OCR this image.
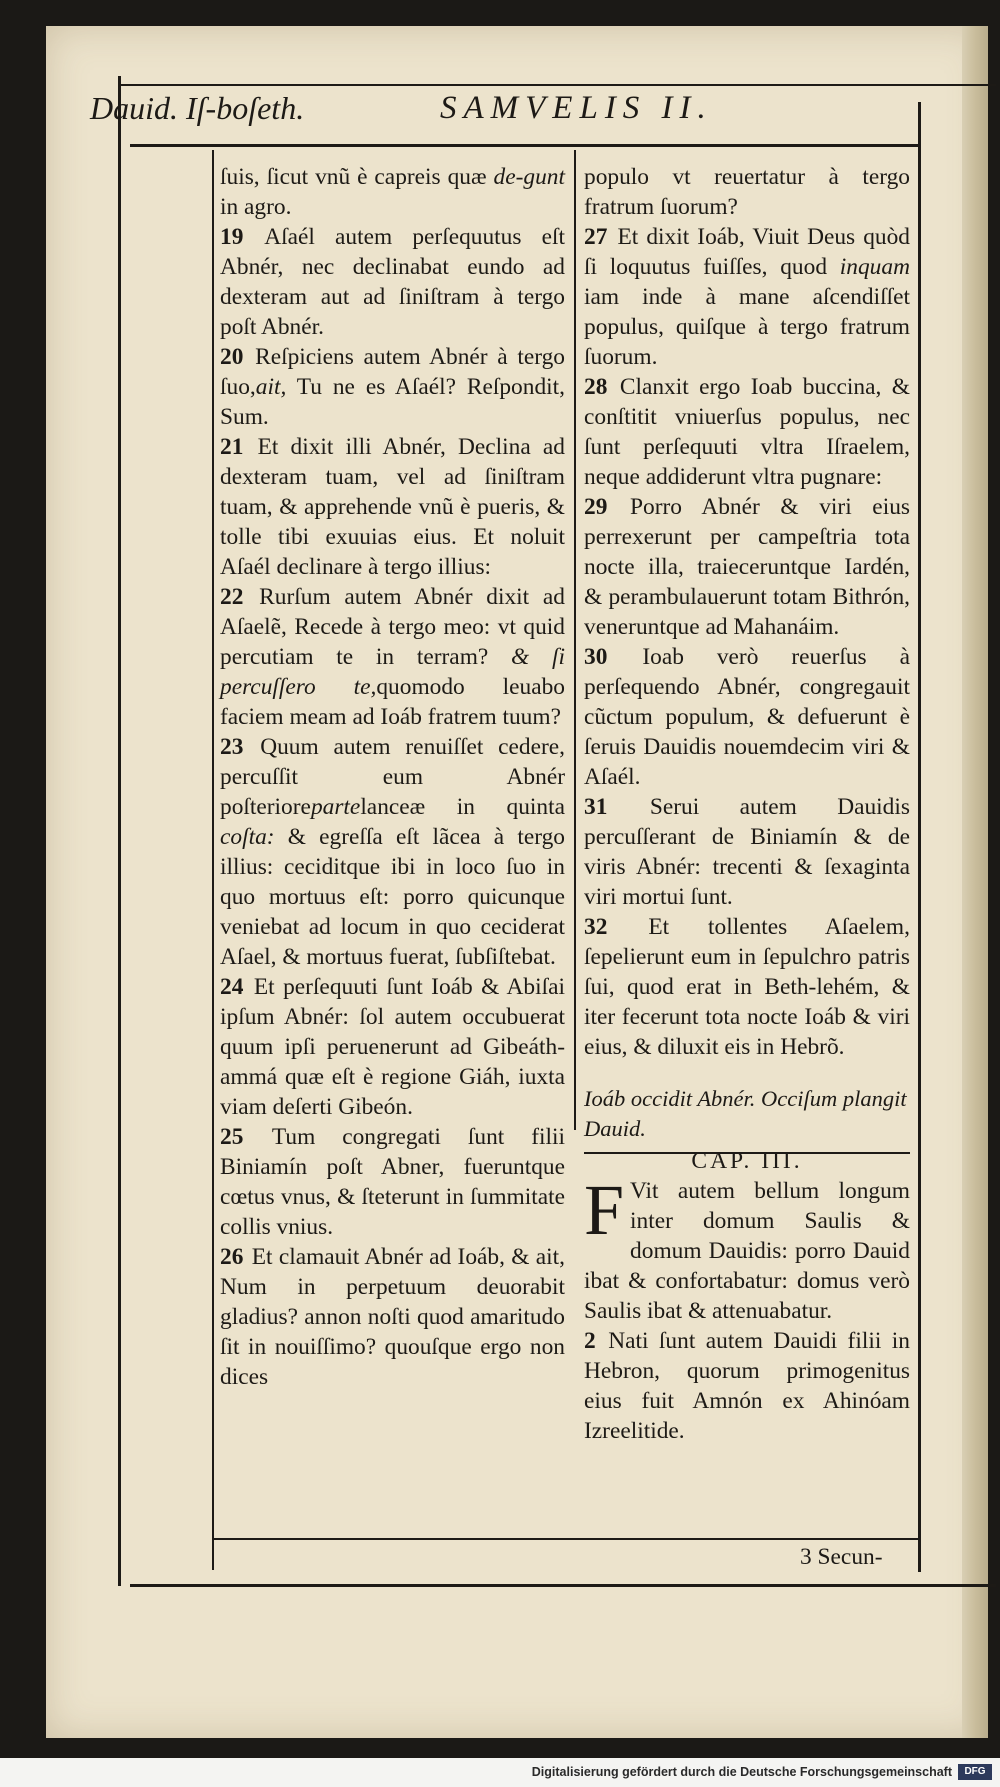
Dauid. Iſ-boſeth.	SAMVELIS II.

ſuis, ſicut vnũ è capreis quæ de-gunt in agro.

19 Aſaél autem perſequutus eſt Abnér, nec declinabat eundo ad dexteram aut ad ſiniſtram à tergo poſt Abnér.

20 Reſpiciens autem Abnér à tergo ſuo,ait, Tu ne es Aſaél? Reſpondit, Sum.

21 Et dixit illi Abnér, Declina ad dexteram tuam, vel ad ſiniſtram tuam, & apprehende vnũ è pueris, & tolle tibi exuuias eius. Et noluit Aſaél declinare à tergo illius:

22 Rurſum autem Abnér dixit ad Aſaelẽ, Recede à tergo meo: vt quid percutiam te in terram? & ſi percuſſero te,quomodo leuabo faciem meam ad Ioáb fratrem tuum?

23 Quum autem renuiſſet cedere, percuſſit eum Abnér poſteriorepartelanceæ in quinta coſta: & egreſſa eſt lãcea à tergo illius: ceciditque ibi in loco ſuo in quo mortuus eſt: porro quicunque veniebat ad locum in quo ceciderat Aſael, & mortuus fuerat, ſubſiſtebat.

24 Et perſequuti ſunt Ioáb & Abiſai ipſum Abnér: ſol autem occubuerat quum ipſi peruenerunt ad Gibeáth-ammá quæ eſt è regione Giáh, iuxta viam deſerti Gibeón.

25 Tum congregati ſunt filii Biniamín poſt Abner, fueruntque cœtus vnus, & ſteterunt in ſummitate collis vnius.

26 Et clamauit Abnér ad Ioáb, & ait, Num in perpetuum deuorabit gladius? annon noſti quod amaritudo ſit in nouiſſimo? quouſque ergo non dices

populo vt reuertatur à tergo fratrum ſuorum?

27 Et dixit Ioáb, Viuit Deus quòd ſi loquutus fuiſſes, quod inquam iam inde à mane aſcendiſſet populus, quiſque à tergo fratrum ſuorum.

28 Clanxit ergo Ioab buccina, & conſtitit vniuerſus populus, nec ſunt perſequuti vltra Iſraelem, neque addiderunt vltra pugnare:

29 Porro Abnér & viri eius perrexerunt per campeſtria tota nocte illa, traieceruntque Iardén, & perambulauerunt totam Bithrón, veneruntque ad Mahanáim.

30 Ioab verò reuerſus à perſequendo Abnér, congregauit cũctum populum, & defuerunt è ſeruis Dauidis nouemdecim viri & Aſaél.

31 Serui autem Dauidis percuſſerant de Biniamín & de viris Abnér: trecenti & ſexaginta viri mortui ſunt.

32 Et tollentes Aſaelem, ſepelierunt eum in ſepulchro patris ſui, quod erat in Beth-lehém, & iter fecerunt tota nocte Ioáb & viri eius, & diluxit eis in Hebrõ.

Ioáb occidit Abnér. Occiſum plangit Dauid.

CAP. III.

F Vit autem bellum longum inter domum Saulis & domum Dauidis: porro Dauid ibat & confortabatur: domus verò Saulis ibat & attenuabatur.

2 Nati ſunt autem Dauidi filii in Hebron, quorum primogenitus eius fuit Amnón ex Ahinóam Izreelitide.

3 Secun-
Digitalisierung gefördert durch die Deutsche Forschungsgemeinschaft	DFG
